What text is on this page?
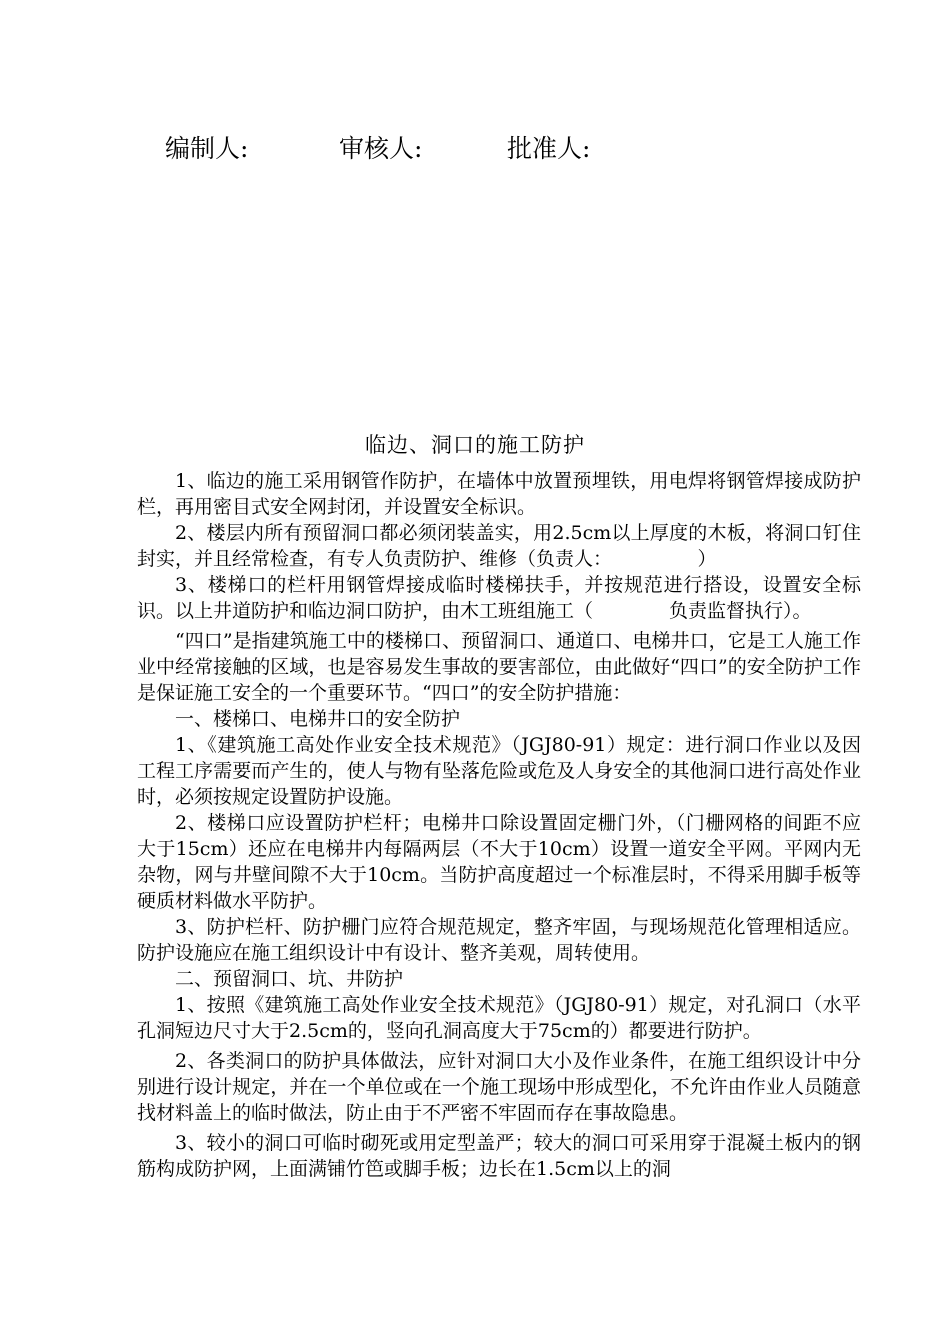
编制人:	审核人:	批准人:
临边、洞口的施工防护

1、临边的施工采用钢管作防护，在墙体中放置预埋铁，用电焊将钢管焊接成防护栏，再用密目式安全网封闭，并设置安全标识。

2、楼层内所有预留洞口都必须闭装盖实，用2.5cm以上厚度的木板，将洞口钉住封实，并且经常检查，有专人负责防护、维修（负责人：　　　　　）

3、楼梯口的栏杆用钢管焊接成临时楼梯扶手，并按规范进行搭设，设置安全标识。以上井道防护和临边洞口防护，由木工班组施工（　　　　负责监督执行）。

“四口”是指建筑施工中的楼梯口、预留洞口、通道口、电梯井口，它是工人施工作业中经常接触的区域，也是容易发生事故的要害部位，由此做好“四口”的安全防护工作是保证施工安全的一个重要环节。“四口”的安全防护措施：

一、楼梯口、电梯井口的安全防护

1、《建筑施工高处作业安全技术规范》（JGJ80-91）规定：进行洞口作业以及因工程工序需要而产生的，使人与物有坠落危险或危及人身安全的其他洞口进行高处作业时，必须按规定设置防护设施。

2、楼梯口应设置防护栏杆；电梯井口除设置固定栅门外，（门栅网格的间距不应大于15cm）还应在电梯井内每隔两层（不大于10cm）设置一道安全平网。平网内无杂物，网与井壁间隙不大于10cm。当防护高度超过一个标准层时，不得采用脚手板等硬质材料做水平防护。

3、防护栏杆、防护栅门应符合规范规定，整齐牢固，与现场规范化管理相适应。防护设施应在施工组织设计中有设计、整齐美观，周转使用。

二、预留洞口、坑、井防护

1、按照《建筑施工高处作业安全技术规范》（JGJ80-91）规定，对孔洞口（水平孔洞短边尺寸大于2.5cm的，竖向孔洞高度大于75cm的）都要进行防护。

2、各类洞口的防护具体做法，应针对洞口大小及作业条件，在施工组织设计中分别进行设计规定，并在一个单位或在一个施工现场中形成型化，不允许由作业人员随意找材料盖上的临时做法，防止由于不严密不牢固而存在事故隐患。

3、较小的洞口可临时砌死或用定型盖严；较大的洞口可采用穿于混凝土板内的钢筋构成防护网，上面满铺竹笆或脚手板；边长在1.5cm以上的洞
